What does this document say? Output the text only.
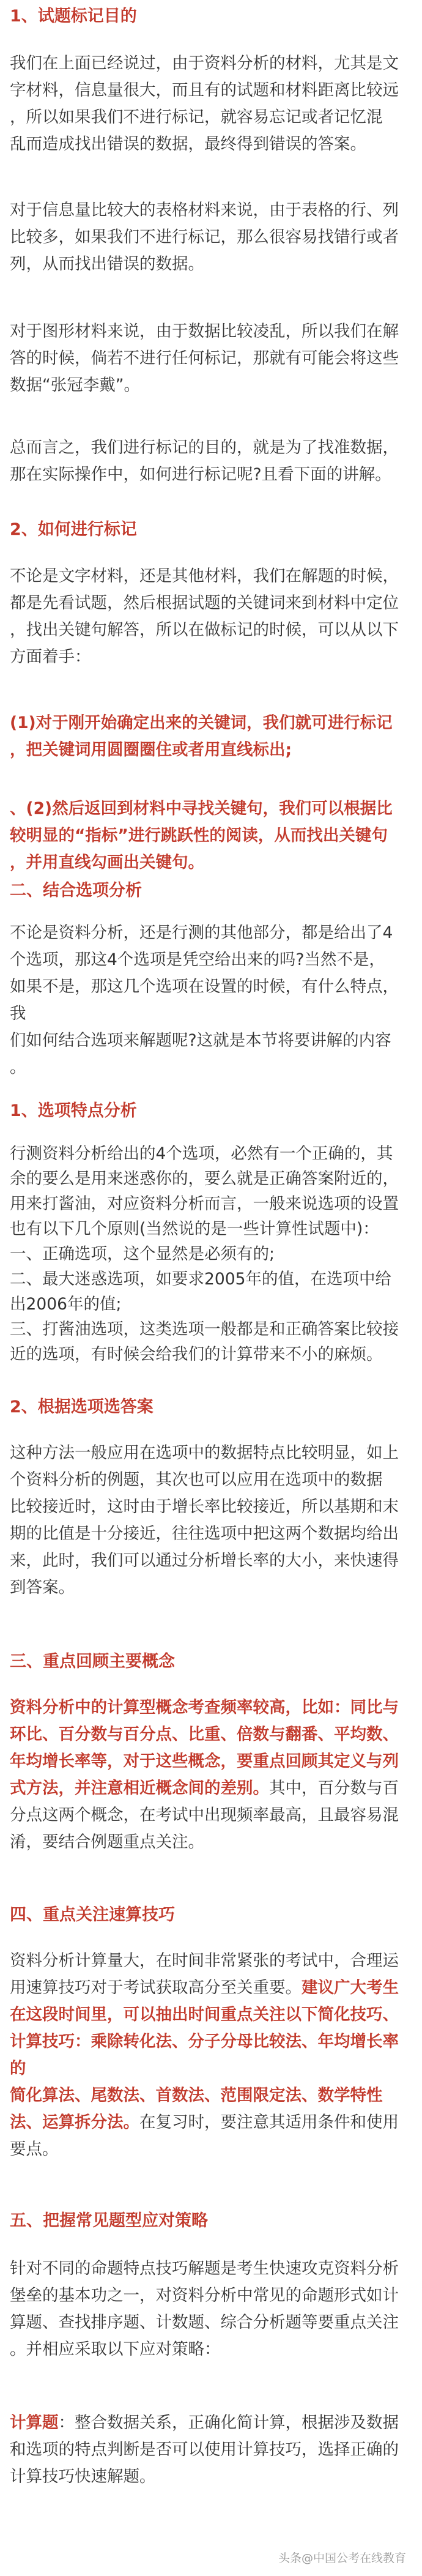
1、试题标记目的

我们在上面已经说过，由于资料分析的材料，尤其是文
字材料，信息量很大，而且有的试题和材料距离比较远
，所以如果我们不进行标记，就容易忘记或者记忆混
乱而造成找出错误的数据，最终得到错误的答案。

对于信息量比较大的表格材料来说，由于表格的行、列
比较多，如果我们不进行标记，那么很容易找错行或者
列，从而找出错误的数据。

对于图形材料来说，由于数据比较凌乱，所以我们在解
答的时候，倘若不进行任何标记，那就有可能会将这些
数据“张冠李戴”。

总而言之，我们进行标记的目的，就是为了找准数据，
那在实际操作中，如何进行标记呢?且看下面的讲解。

2、如何进行标记

不论是文字材料，还是其他材料，我们在解题的时候，
都是先看试题，然后根据试题的关键词来到材料中定位
，找出关键句解答，所以在做标记的时候，可以从以下
方面着手：

(1)对于刚开始确定出来的关键词，我们就可进行标记
，把关键词用圆圈圈住或者用直线标出;

、(2)然后返回到材料中寻找关键句，我们可以根据比
较明显的“指标”进行跳跃性的阅读，从而找出关键句
，并用直线勾画出关键句。

二、结合选项分析

不论是资料分析，还是行测的其他部分，都是给出了4
个选项，那这4个选项是凭空给出来的吗?当然不是，
如果不是，那这几个选项在设置的时候，有什么特点，我
们如何结合选项来解题呢?这就是本节将要讲解的内容
。

1、选项特点分析

行测资料分析给出的4个选项，必然有一个正确的，其
余的要么是用来迷惑你的，要么就是正确答案附近的，
用来打酱油，对应资料分析而言，一般来说选项的设置
也有以下几个原则(当然说的是一些计算性试题中)：
一、正确选项，这个显然是必须有的;
二、最大迷惑选项，如要求2005年的值，在选项中给
出2006年的值;
三、打酱油选项，这类选项一般都是和正确答案比较接
近的选项，有时候会给我们的计算带来不小的麻烦。

2、根据选项选答案

这种方法一般应用在选项中的数据特点比较明显，如上
个资料分析的例题，其次也可以应用在选项中的数据
比较接近时，这时由于增长率比较接近，所以基期和末
期的比值是十分接近，往往选项中把这两个数据均给出
来，此时，我们可以通过分析增长率的大小，来快速得
到答案。

三、重点回顾主要概念

资料分析中的计算型概念考查频率较高，比如：同比与
环比、百分数与百分点、比重、倍数与翻番、平均数、
年均增长率等，对于这些概念，要重点回顾其定义与列
式方法，并注意相近概念间的差别。其中，百分数与百
分点这两个概念，在考试中出现频率最高，且最容易混
淆，要结合例题重点关注。

四、重点关注速算技巧

资料分析计算量大，在时间非常紧张的考试中，合理运
用速算技巧对于考试获取高分至关重要。建议广大考生
在这段时间里，可以抽出时间重点关注以下简化技巧、
计算技巧：乘除转化法、分子分母比较法、年均增长率的
简化算法、尾数法、首数法、范围限定法、数学特性
法、运算拆分法。在复习时，要注意其适用条件和使用
要点。

五、把握常见题型应对策略

针对不同的命题特点技巧解题是考生快速攻克资料分析
堡垒的基本功之一，对资料分析中常见的命题形式如计
算题、查找排序题、计数题、综合分析题等要重点关注
。并相应采取以下应对策略：

计算题：整合数据关系，正确化简计算，根据涉及数据
和选项的特点判断是否可以使用计算技巧，选择正确的
计算技巧快速解题。

头条@中国公考在线教育
